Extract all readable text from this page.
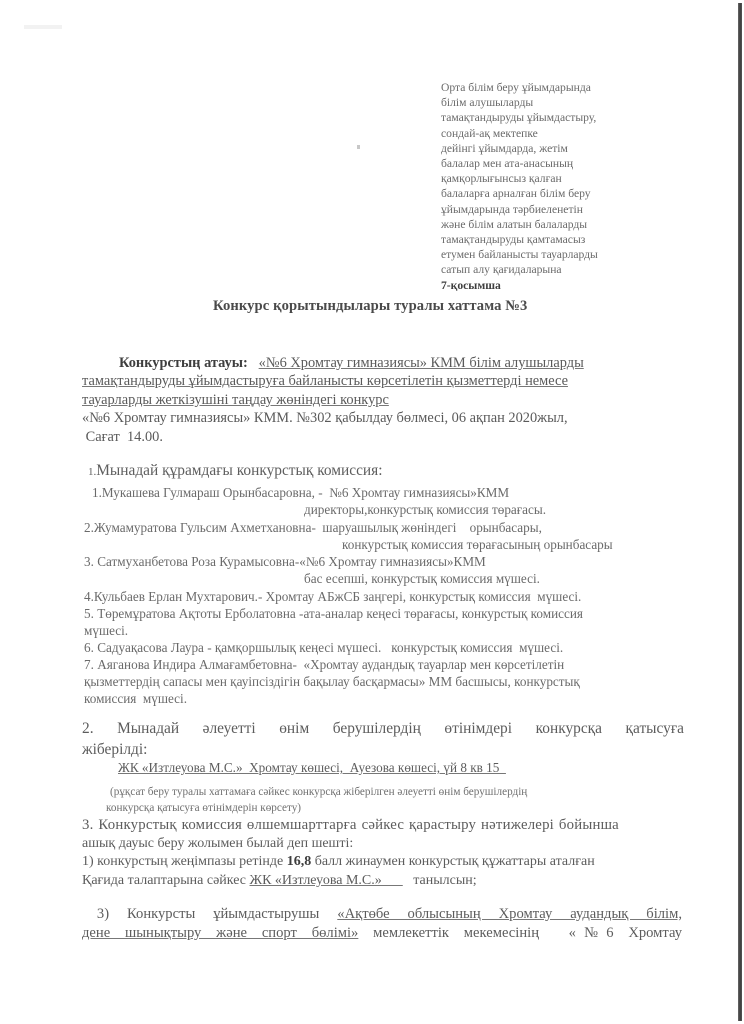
Орта білім беру ұйымдарында
білім алушыларды
тамақтандыруды ұйымдастыру,
сондай-ақ мектепке
дейінгі ұйымдарда, жетім
балалар мен ата-анасының
қамқорлығынсыз қалған
балаларға арналған білім беру
ұйымдарында тәрбиеленетін
және білім алатын балаларды
тамақтандыруды қамтамасыз
етумен байланысты тауарларды
сатып алу қағидаларына
7-қосымша
Конкурс қорытындылары туралы хаттама №3
Конкурстың атауы: «№6 Хромтау гимназиясы» КММ білім алушыларды
тамақтандыруды ұйымдастыруға байланысты көрсетілетін қызметтерді немесе
тауарларды жеткізушіні таңдау жөніндегі конкурс
«№6 Хромтау гимназиясы» КММ. №302 қабылдау бөлмесі, 06 ақпан 2020жыл,
Сағат  14.00.
1.Мынадай құрамдағы конкурстық комиссия:
1.Мукашева Гулмараш Орынбасаровна, -  №6 Хромтау гимназиясы»КММ
директоры,конкурстық комиссия төрағасы.
2.Жумамуратова Гульсим Ахметхановна-  шаруашылық жөніндегі    орынбасары,
конкурстық комиссия төрағасының орынбасары
3. Сатмуханбетова Роза Курамысовна-«№6 Хромтау гимназиясы»КММ
бас есепші, конкурстық комиссия мүшесі.
4.Кульбаев Ерлан Мухтарович.- Хромтау АБжСБ заңгері, конкурстық комиссия  мүшесі.
5. Төремұратова Ақтоты Ерболатовна -ата-аналар кеңесі төрағасы, конкурстық комиссия
мүшесі.
6. Садуақасова Лаура - қамқоршылық кеңесі мүшесі.   конкурстық комиссия  мүшесі.
7. Аяганова Индира Алмағамбетовна-  «Хромтау аудандық тауарлар мен көрсетілетін
қызметтердің сапасы мен қауіпсіздігін бақылау басқармасы» ММ басшысы, конкурстық
комиссия  мүшесі.
2. Мынадай әлеуетті өнім берушілердің өтінімдері конкурсқа қатысуға
жіберілді:
ЖК «Изтлеуова М.С.»  Хромтау көшесі,  Ауезова көшесі, үй 8 кв 15
(рұқсат беру туралы хаттамаға сәйкес конкурсқа жіберілген әлеуетті өнім берушілердің
конкурсқа қатысуға өтінімдерін көрсету)
3. Конкурстық комиссия өлшемшарттарға сәйкес қарастыру нәтижелері бойынша
ашық дауыс беру жолымен былай деп шешті:
1) конкурстың жеңімпазы ретінде 16,8 балл жинаумен конкурстық құжаттары аталған
Қағида талаптарына сәйкес ЖК «Изтлеуова М.С.»         танылсын;
3) Конкурсты ұйымдастырушы «Ақтөбе облысының Хромтау аудандық білім,
дене шынықтыру және спорт бөлімі» мемлекеттік мекемесінің  «№6 Хромтау
